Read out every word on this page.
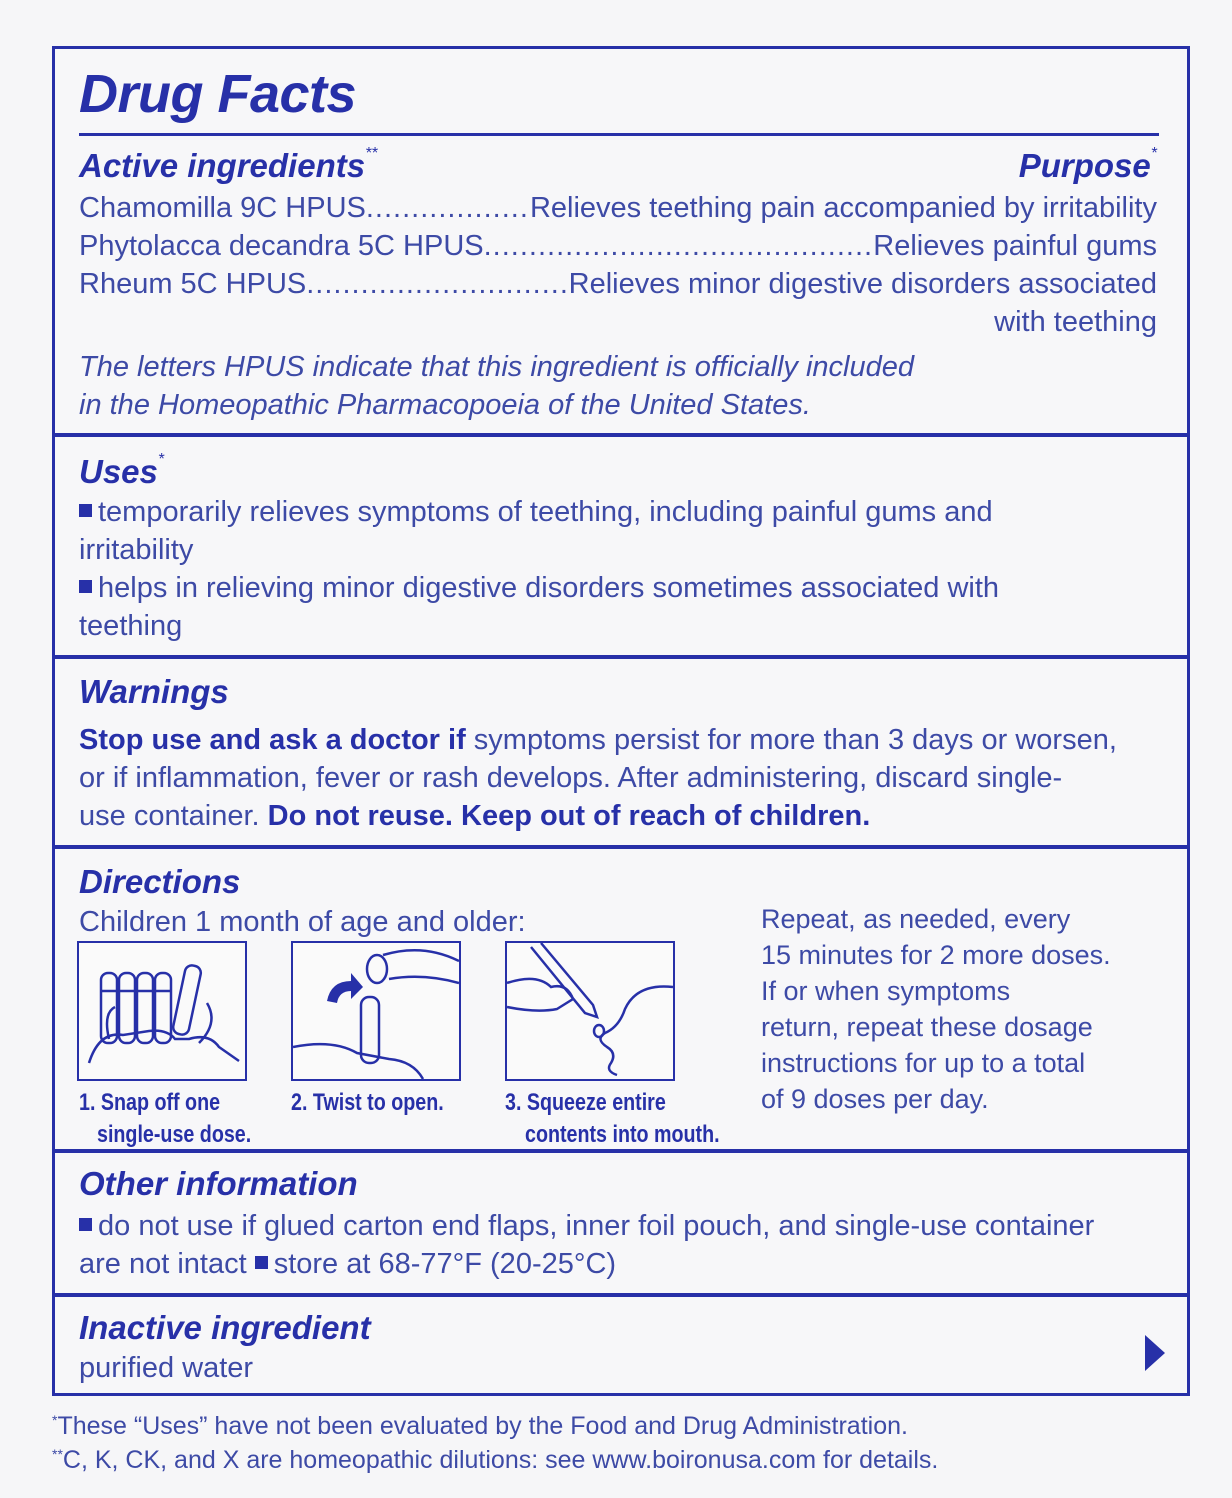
Drug Facts
Active ingredients**	Purpose*
Chamomilla 9C HPUS .....	Relieves teething pain accompanied by irritability
Phytolacca decandra 5C HPUS .....	Relieves painful gums
Rheum 5C HPUS .....	Relieves minor digestive disorders associated
with teething
The letters HPUS indicate that this ingredient is officially included
in the Homeopathic Pharmacopoeia of the United States.
Uses*
temporarily relieves symptoms of teething, including painful gums and
irritability
helps in relieving minor digestive disorders sometimes associated with
teething
Warnings
Stop use and ask a doctor if symptoms persist for more than 3 days or worsen,
or if inflammation, fever or rash develops. After administering, discard single-
use container. Do not reuse. Keep out of reach of children.
Directions
Children 1 month of age and older:
1. Snap off one
single-use dose.
2. Twist to open.	3. Squeeze entire
contents into mouth.
Repeat, as needed, every
15 minutes for 2 more doses.
If or when symptoms
return, repeat these dosage
instructions for up to a total
of 9 doses per day.
Other information
do not use if glued carton end flaps, inner foil pouch, and single-use container
are not intact store at 68-77°F (20-25°C)
Inactive ingredient
purified water
*These “Uses” have not been evaluated by the Food and Drug Administration.
**C, K, CK, and X are homeopathic dilutions: see www.boironusa.com for details.
